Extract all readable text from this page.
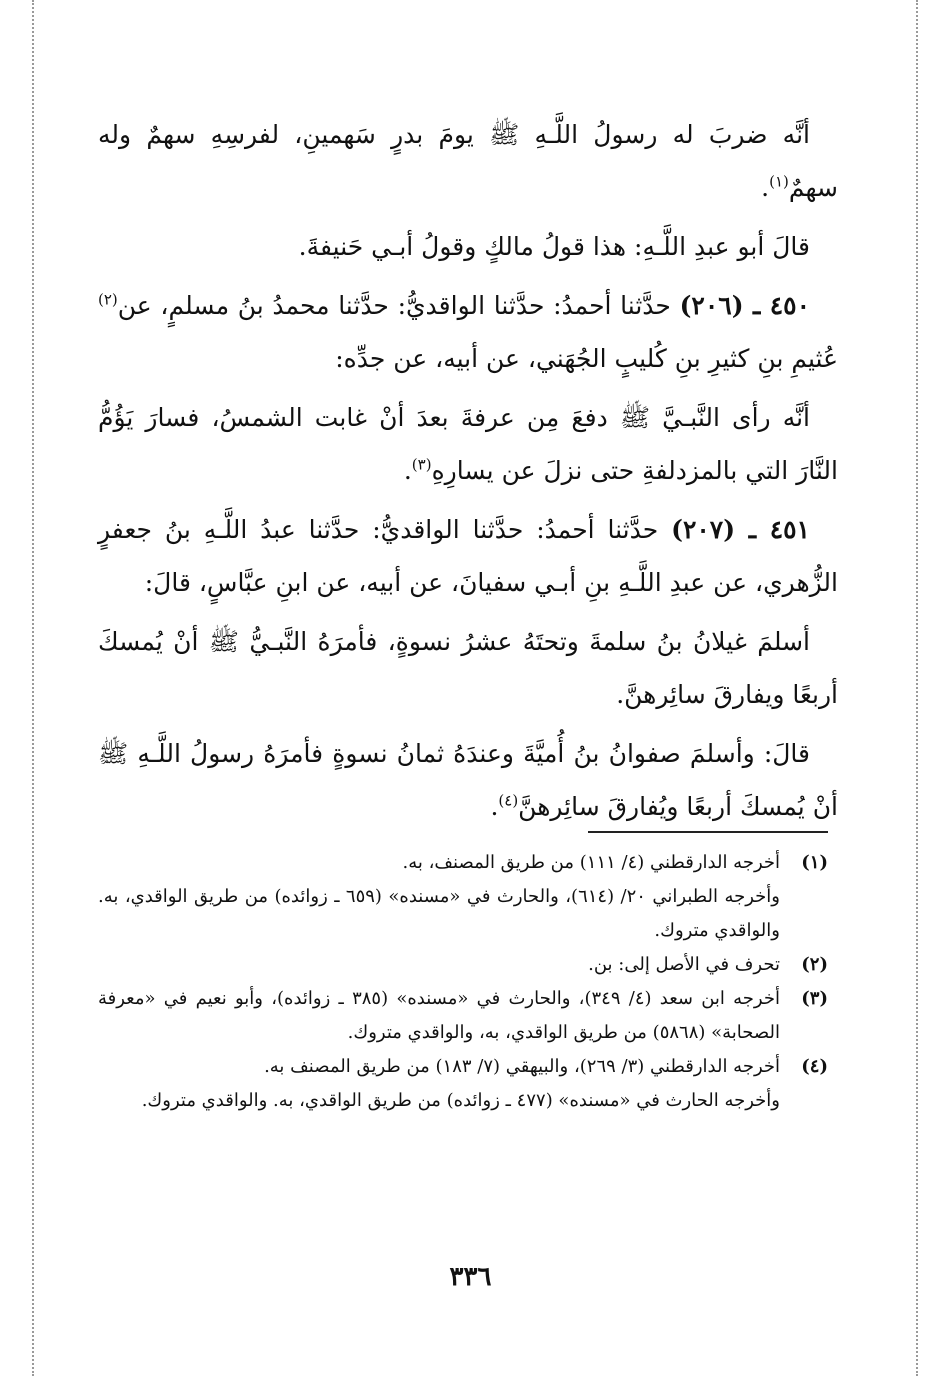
أنَّه ضربَ له رسولُ اللَّـهِ ﷺ يومَ بدرٍ سَهمينِ، لفرسِهِ سهمٌ وله سهمٌ$^{(١)}$.

قالَ أبو عبدِ اللَّـهِ: هذا قولُ مالكٍ وقولُ أبـي حَنيفةَ.

٤٥٠ ـ (٢٠٦) حدَّثنا أحمدُ: حدَّثنا الواقديُّ: حدَّثنا محمدُ بنُ مسلمٍ، عن$^{(٢)}$ عُثيمِ بنِ كثيرِ بنِ كُليبٍ الجُهَني، عن أبيه، عن جدِّه:

أنَّه رأى النَّبـيَّ ﷺ دفعَ مِن عرفةَ بعدَ أنْ غابت الشمسُ، فسارَ يَؤُمُّ النَّارَ التي بالمزدلفةِ حتى نزلَ عن يسارِهِ$^{(٣)}$.

٤٥١ ـ (٢٠٧) حدَّثنا أحمدُ: حدَّثنا الواقديُّ: حدَّثنا عبدُ اللَّـهِ بنُ جعفرٍ الزُّهري، عن عبدِ اللَّـهِ بنِ أبـي سفيانَ، عن أبيه، عن ابنِ عبَّاسٍ، قالَ:

أسلمَ غيلانُ بنُ سلمةَ وتحتَهُ عشرُ نسوةٍ، فأمرَهُ النَّبـيُّ ﷺ أنْ يُمسكَ أربعًا ويفارقَ سائِرهنَّ.

قالَ: وأسلمَ صفوانُ بنُ أُميَّةَ وعندَهُ ثمانُ نسوةٍ فأمرَهُ رسولُ اللَّـهِ ﷺ أنْ يُمسكَ أربعًا ويُفارقَ سائِرهنَّ$^{(٤)}$.

(١)
أخرجه الدارقطني (٤/ ١١١) من طريق المصنف، به.
وأخرجه الطبراني ٢٠/ (٦١٤)، والحارث في «مسنده» (٦٥٩ ـ زوائده) من طريق الواقدي، به. والواقدي متروك.
(٢)
تحرف في الأصل إلى: بن.
(٣)
أخرجه ابن سعد (٤/ ٣٤٩)، والحارث في «مسنده» (٣٨٥ ـ زوائده)، وأبو نعيم في «معرفة الصحابة» (٥٨٦٨) من طريق الواقدي، به، والواقدي متروك.
(٤)
أخرجه الدارقطني (٣/ ٢٦٩)، والبيهقي (٧/ ١٨٣) من طريق المصنف به.
وأخرجه الحارث في «مسنده» (٤٧٧ ـ زوائده) من طريق الواقدي، به. والواقدي متروك.
٣٣٦
